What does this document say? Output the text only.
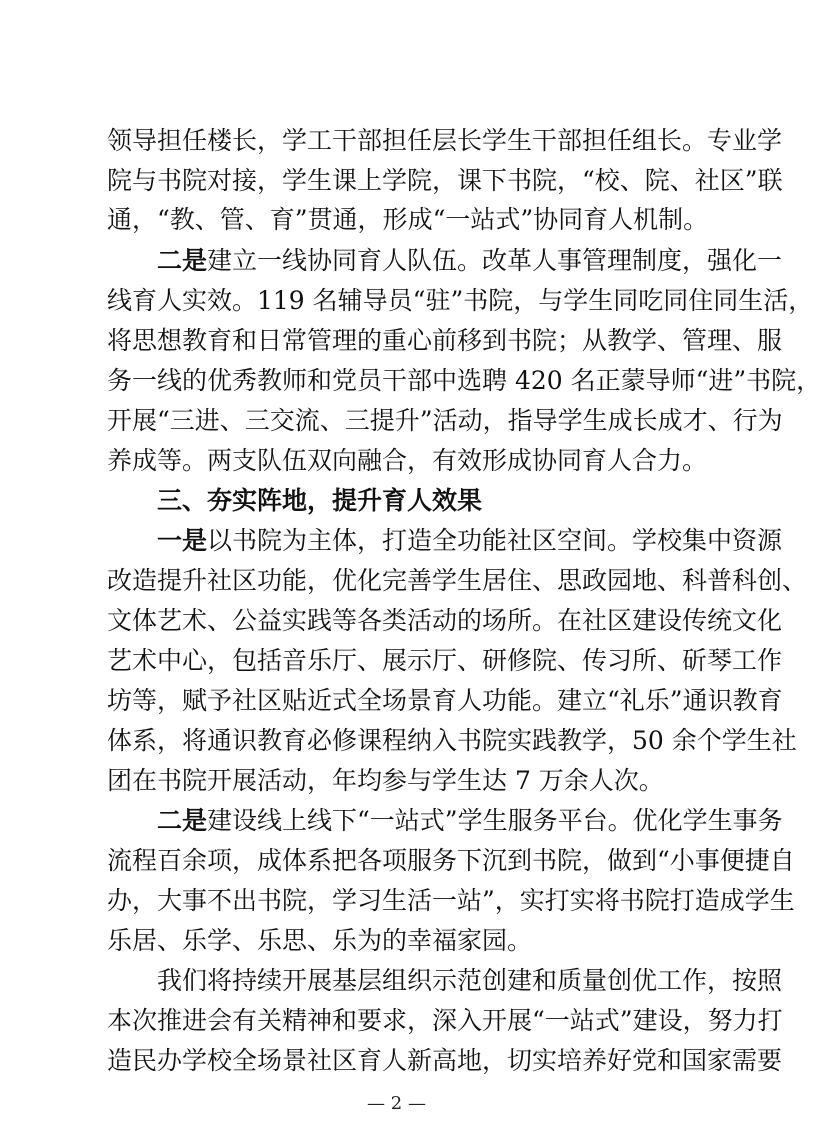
领导担任楼长，学工干部担任层长学生干部担任组长。专业学
院与书院对接，学生课上学院，课下书院，“校、院、社区”联
通，“教、管、育”贯通，形成“一站式”协同育人机制。
二是建立一线协同育人队伍。改革人事管理制度，强化一
线育人实效。119 名辅导员“驻”书院，与学生同吃同住同生活，
将思想教育和日常管理的重心前移到书院；从教学、管理、服
务一线的优秀教师和党员干部中选聘 420 名正蒙导师“进”书院，
开展“三进、三交流、三提升”活动，指导学生成长成才、行为
养成等。两支队伍双向融合，有效形成协同育人合力。
三、夯实阵地，提升育人效果
一是以书院为主体，打造全功能社区空间。学校集中资源
改造提升社区功能，优化完善学生居住、思政园地、科普科创、
文体艺术、公益实践等各类活动的场所。在社区建设传统文化
艺术中心，包括音乐厅、展示厅、研修院、传习所、斫琴工作
坊等，赋予社区贴近式全场景育人功能。建立“礼乐”通识教育
体系，将通识教育必修课程纳入书院实践教学，50 余个学生社
团在书院开展活动，年均参与学生达 7 万余人次。
二是建设线上线下“一站式”学生服务平台。优化学生事务
流程百余项，成体系把各项服务下沉到书院，做到“小事便捷自
办，大事不出书院，学习生活一站”，实打实将书院打造成学生
乐居、乐学、乐思、乐为的幸福家园。
我们将持续开展基层组织示范创建和质量创优工作，按照
本次推进会有关精神和要求，深入开展“一站式”建设，努力打
造民办学校全场景社区育人新高地，切实培养好党和国家需要
— 2 —
